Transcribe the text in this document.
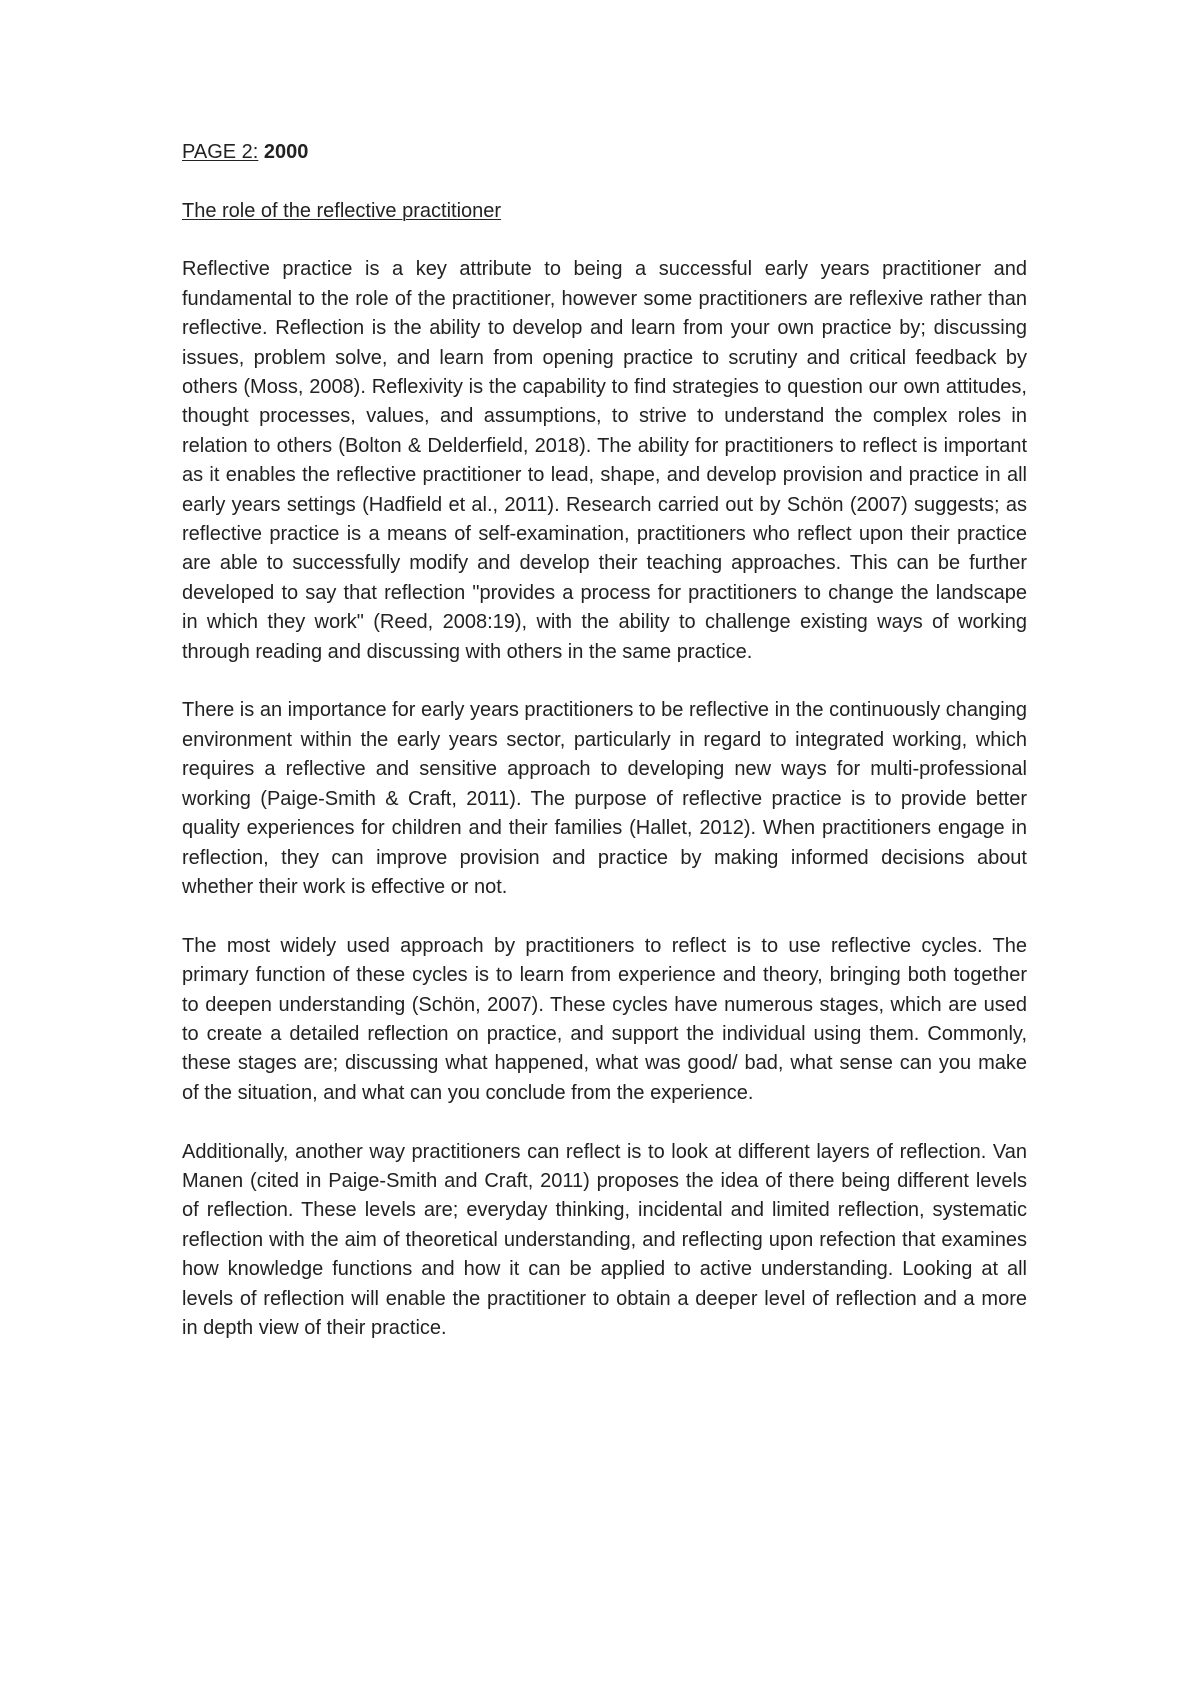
PAGE 2: 2000
The role of the reflective practitioner

Reflective practice is a key attribute to being a successful early years practitioner and fundamental to the role of the practitioner, however some practitioners are reflexive rather than reflective. Reflection is the ability to develop and learn from your own practice by; discussing issues, problem solve, and learn from opening practice to scrutiny and critical feedback by others (Moss, 2008). Reflexivity is the capability to find strategies to question our own attitudes, thought processes, values, and assumptions, to strive to understand the complex roles in relation to others (Bolton & Delderfield, 2018). The ability for practitioners to reflect is important as it enables the reflective practitioner to lead, shape, and develop provision and practice in all early years settings (Hadfield et al., 2011). Research carried out by Schön (2007) suggests; as reflective practice is a means of self-examination, practitioners who reflect upon their practice are able to successfully modify and develop their teaching approaches. This can be further developed to say that reflection "provides a process for practitioners to change the landscape in which they work" (Reed, 2008:19), with the ability to challenge existing ways of working through reading and discussing with others in the same practice.

There is an importance for early years practitioners to be reflective in the continuously changing environment within the early years sector, particularly in regard to integrated working, which requires a reflective and sensitive approach to developing new ways for multi-professional working (Paige-Smith & Craft, 2011). The purpose of reflective practice is to provide better quality experiences for children and their families (Hallet, 2012). When practitioners engage in reflection, they can improve provision and practice by making informed decisions about whether their work is effective or not.

The most widely used approach by practitioners to reflect is to use reflective cycles. The primary function of these cycles is to learn from experience and theory, bringing both together to deepen understanding (Schön, 2007). These cycles have numerous stages, which are used to create a detailed reflection on practice, and support the individual using them. Commonly, these stages are; discussing what happened, what was good/ bad, what sense can you make of the situation, and what can you conclude from the experience.

Additionally, another way practitioners can reflect is to look at different layers of reflection. Van Manen (cited in Paige-Smith and Craft, 2011) proposes the idea of there being different levels of reflection. These levels are; everyday thinking, incidental and limited reflection, systematic reflection with the aim of theoretical understanding, and reflecting upon refection that examines how knowledge functions and how it can be applied to active understanding. Looking at all levels of reflection will enable the practitioner to obtain a deeper level of reflection and a more in depth view of their practice.
